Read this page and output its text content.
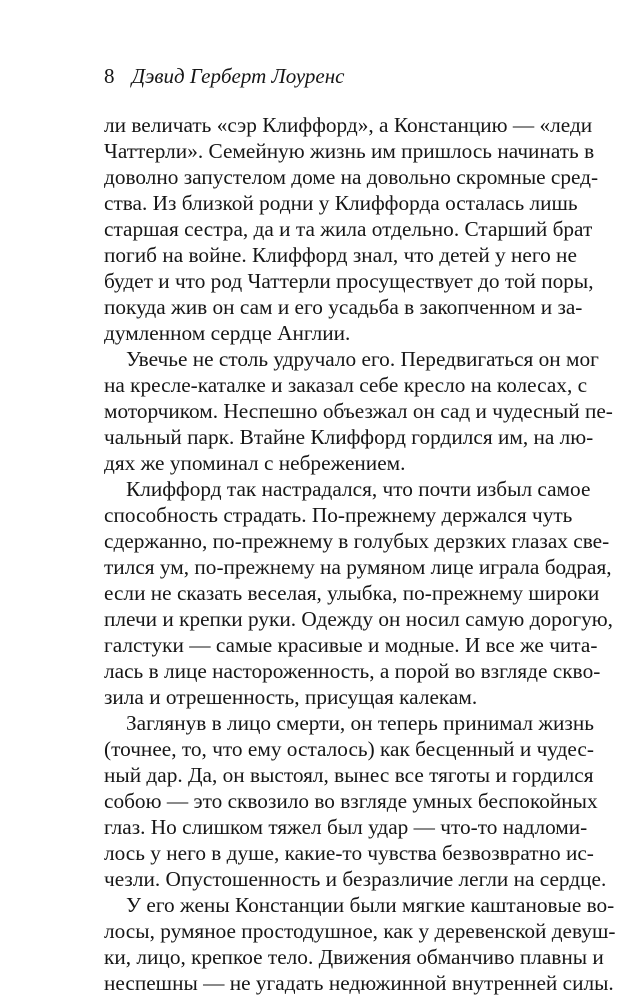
8 Дэвид Герберт Лоуренс
ли величать «сэр Клиффорд», а Констанцию — «леди
Чаттерли». Семейную жизнь им пришлось начинать в
доволно запустелом доме на довольно скромные сред-
ства. Из близкой родни у Клиффорда осталась лишь
старшая сестра, да и та жила отдельно. Старший брат
погиб на войне. Клиффорд знал, что детей у него не
будет и что род Чаттерли просуществует до той поры,
покуда жив он сам и его усадьба в закопченном и за-
думленном сердце Англии.
Увечье не столь удручало его. Передвигаться он мог
на кресле-каталке и заказал себе кресло на колесах, с
моторчиком. Неспешно объезжал он сад и чудесный пе-
чальный парк. Втайне Клиффорд гордился им, на лю-
дях же упоминал с небрежением.
Клиффорд так настрадался, что почти избыл самое
способность страдать. По-прежнему держался чуть
сдержанно, по-прежнему в голубых дерзких глазах све-
тился ум, по-прежнему на румяном лице играла бодрая,
если не сказать веселая, улыбка, по-прежнему широки
плечи и крепки руки. Одежду он носил самую дорогую,
галстуки — самые красивые и модные. И все же чита-
лась в лице настороженность, а порой во взгляде сквo-
зила и отрешенность, присущая калекам.
Заглянув в лицо смерти, он теперь принимал жизнь
(точнее, то, что ему осталось) как бесценный и чудес-
ный дар. Да, он выстоял, вынес все тяготы и гордился
собою — это сквозило во взгляде умных беспокойных
глаз. Но слишком тяжел был удар — что-то надломи-
лось у него в душе, какие-то чувства безвозвратно ис-
чезли. Опустошенность и безразличие легли на сердце.
У его жены Констанции были мягкие каштановые во-
лосы, румяное простодушное, как у деревенской девуш-
ки, лицо, крепкое тело. Движения обманчиво плавны и
неспешны — не угадать недюжинной внутренней силы.
